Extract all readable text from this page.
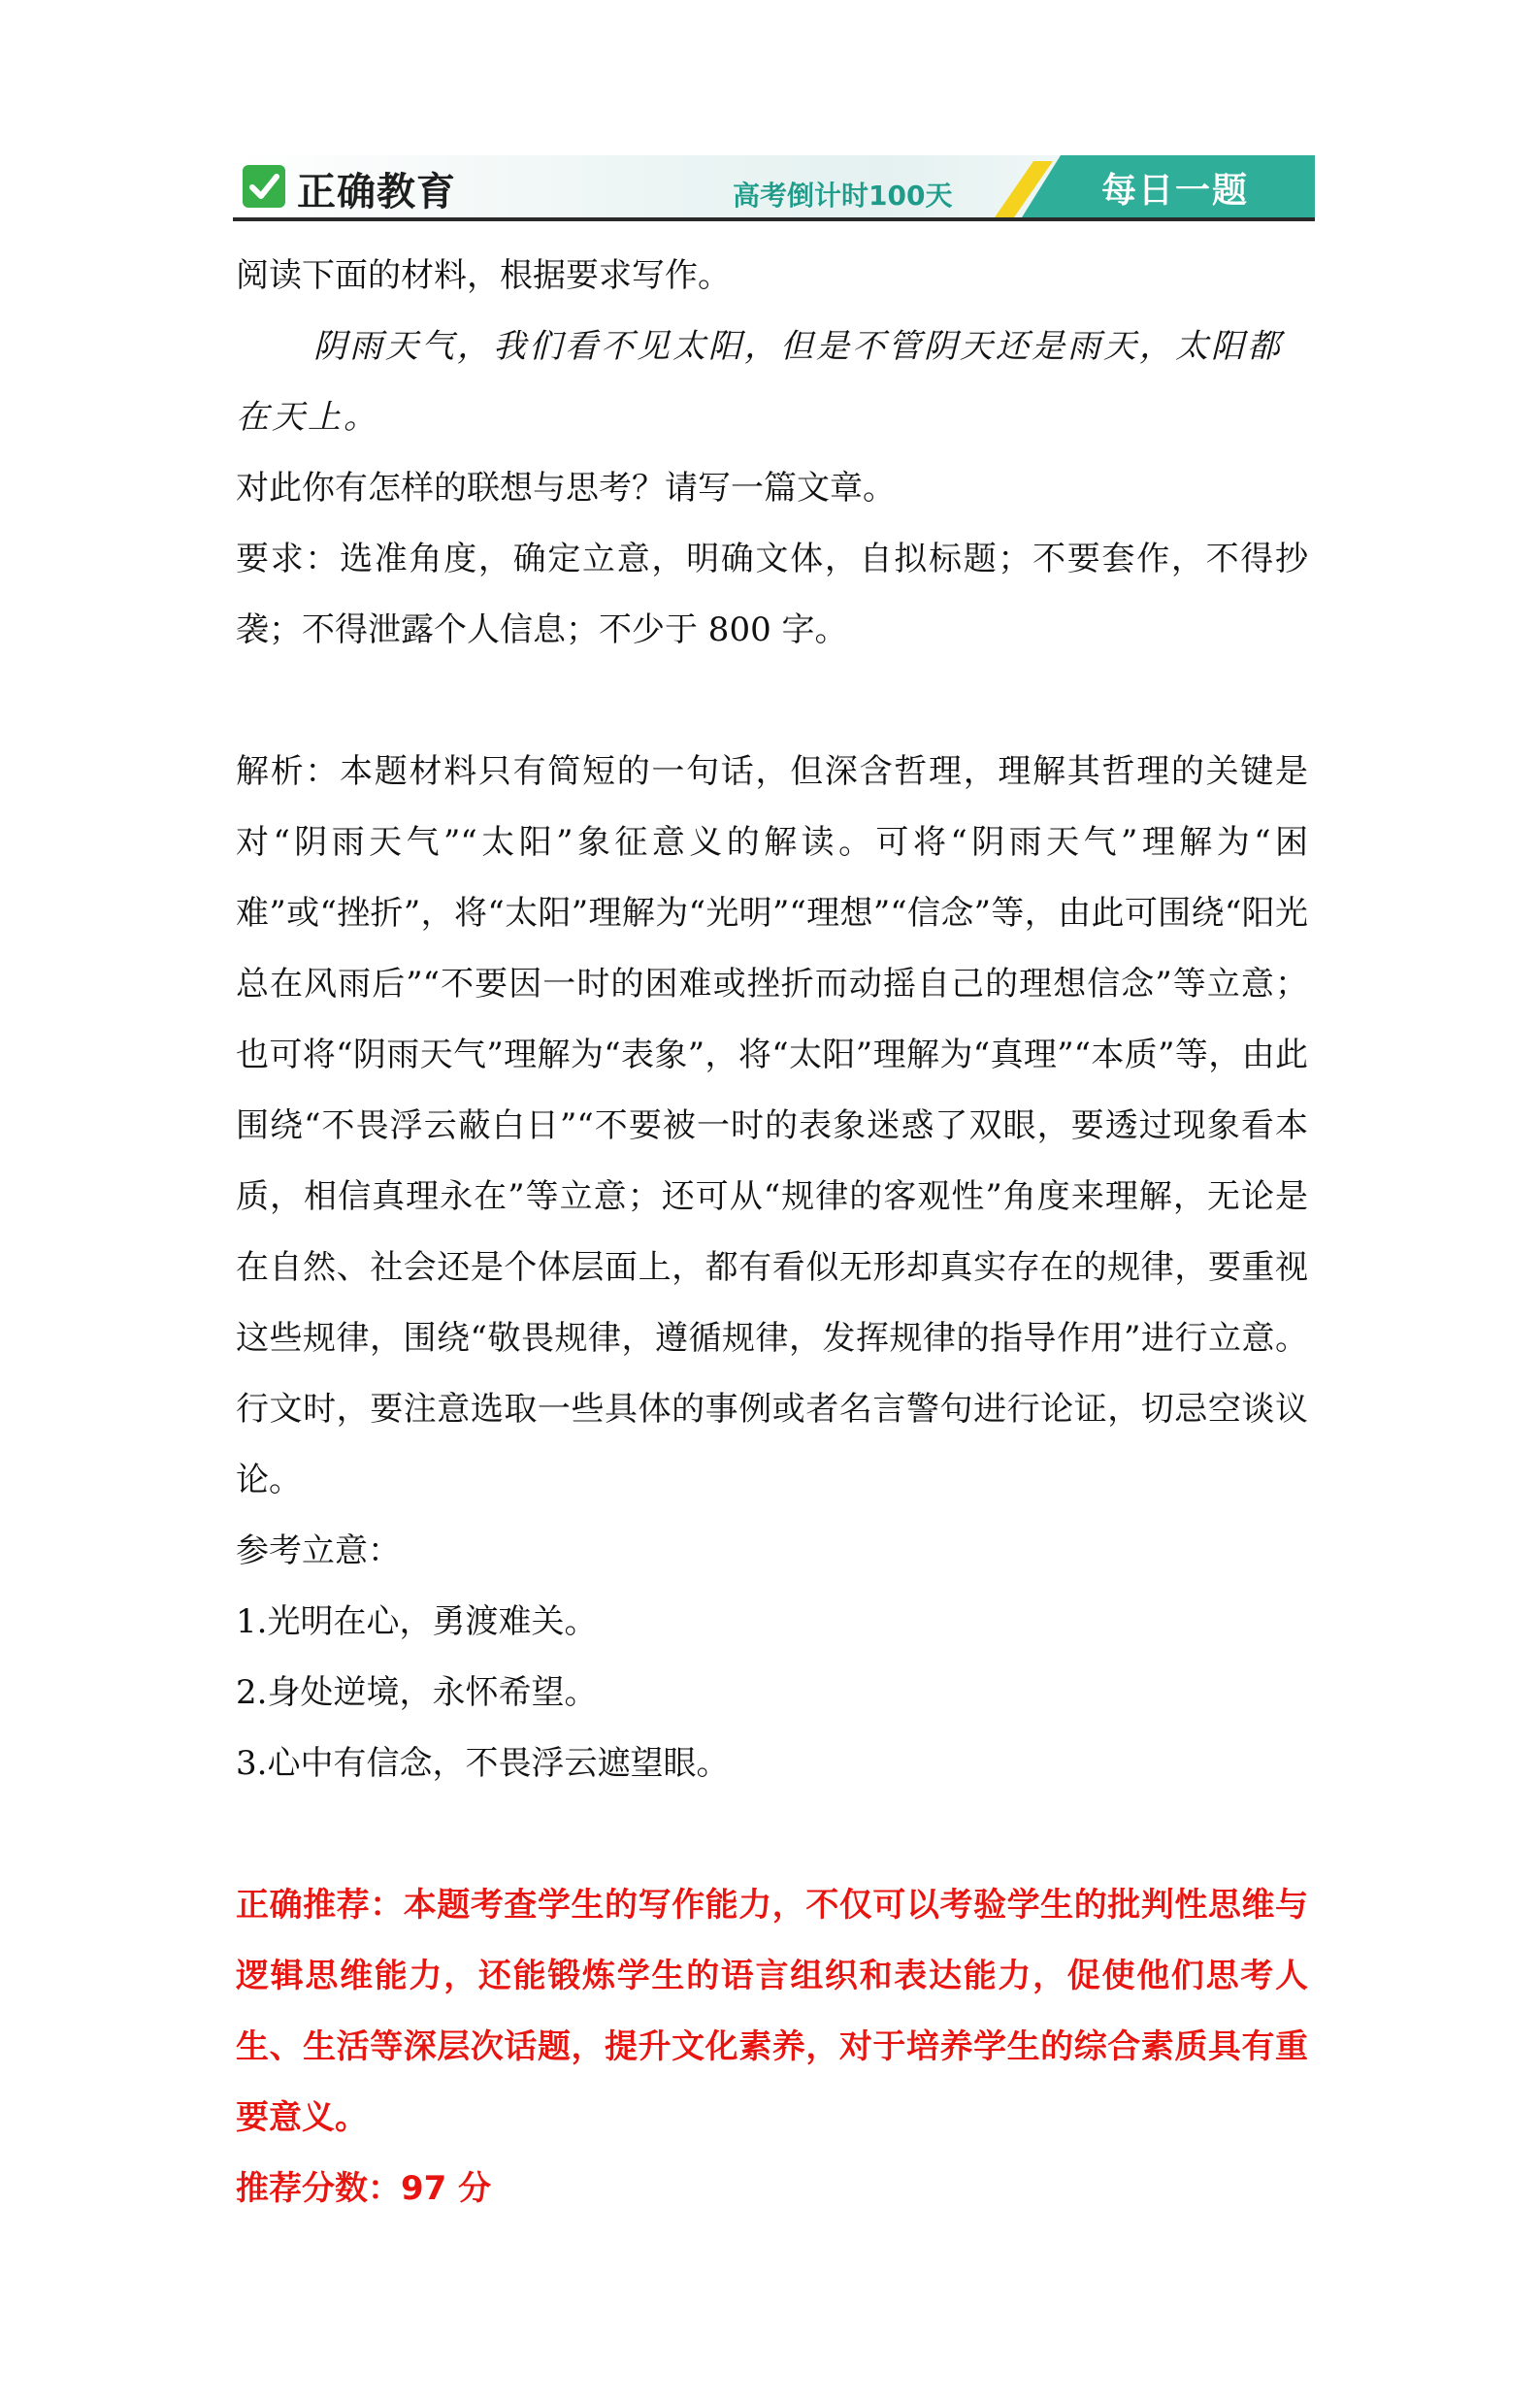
正确教育	高考倒计时100天	每日一题
阅读下面的材料，根据要求写作。
阴雨天气，我们看不见太阳，但是不管阴天还是雨天，太阳都在天上。
对此你有怎样的联想与思考？请写一篇文章。
要求：选准角度，确定立意，明确文体，自拟标题；不要套作，不得抄袭；不得泄露个人信息；不少于 800 字。
解析：本题材料只有简短的一句话，但深含哲理，理解其哲理的关键是对“阴雨天气”“太阳”象征意义的解读。可将“阴雨天气”理解为“困难”或“挫折”，将“太阳”理解为“光明”“理想”“信念”等，由此可围绕“阳光总在风雨后”“不要因一时的困难或挫折而动摇自己的理想信念”等立意；也可将“阴雨天气”理解为“表象”，将“太阳”理解为“真理”“本质”等，由此围绕“不畏浮云蔽白日”“不要被一时的表象迷惑了双眼，要透过现象看本质，相信真理永在”等立意；还可从“规律的客观性”角度来理解，无论是在自然、社会还是个体层面上，都有看似无形却真实存在的规律，要重视这些规律，围绕“敬畏规律，遵循规律，发挥规律的指导作用”进行立意。行文时，要注意选取一些具体的事例或者名言警句进行论证，切忌空谈议论。
参考立意：
1.光明在心，勇渡难关。
2.身处逆境，永怀希望。
3.心中有信念，不畏浮云遮望眼。
正确推荐：本题考查学生的写作能力，不仅可以考验学生的批判性思维与逻辑思维能力，还能锻炼学生的语言组织和表达能力，促使他们思考人生、生活等深层次话题，提升文化素养，对于培养学生的综合素质具有重要意义。
推荐分数：97 分
